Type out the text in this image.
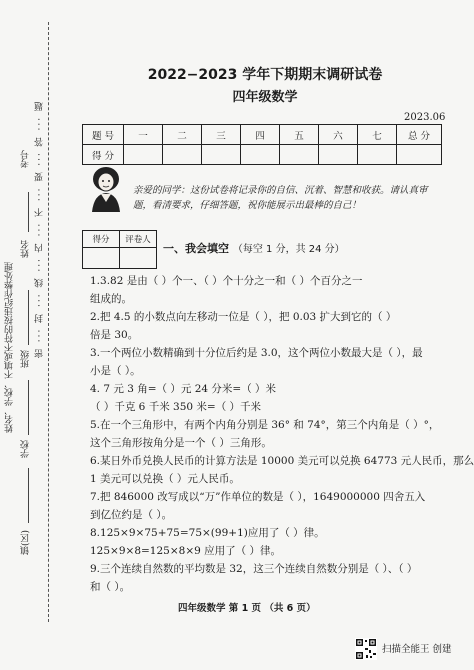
姓名、学校、不填或不符的按违纪作弊处理 密 ··· 封 ··· 线 ··· 内 ··· 不 ··· 要 ··· 答 ··· 题
学校
班级
姓名
考号
镇(区)
2022−2023 学年下期期末调研试卷
四年级数学
2023.06
题 号	一	二	三	四	五	六	七	总 分
得 分								
亲爱的同学：这份试卷将记录你的自信、沉着、智慧和收获。请认真审题，看清要求，仔细答题，祝你能展示出最棒的自己！
得分	评卷人

一、我会填空 （每空 1 分，共 24 分）
1.3.82 是由（ ）个一、（ ）个十分之一和（ ）个百分之一
组成的。
2.把 4.5 的小数点向左移动一位是（ ），把 0.03 扩大到它的（ ）
倍是 30。
3.一个两位小数精确到十分位后约是 3.0，这个两位小数最大是（ ），最
小是（ ）。
4. 7 元 3 角=（ ）元 24 分米=（ ）米
（ ）千克 6 千米 350 米=（ ）千米
5.在一个三角形中，有两个内角分别是 36° 和 74°，第三个内角是（ ）°，
这个三角形按角分是一个（ ）三角形。
6.某日外币兑换人民币的计算方法是 10000 美元可以兑换 64773 元人民币，那么
1 美元可以兑换（ ）元人民币。
7.把 846000 改写成以“万”作单位的数是（ ），1649000000 四舍五入
到亿位约是（ ）。
8.125×9×75+75=75×(99+1)应用了（ ）律。
125×9×8=125×8×9 应用了（ ）律。
9.三个连续自然数的平均数是 32，这三个连续自然数分别是（ ）、（ ）
和（ ）。
四年级数学 第 1 页 （共 6 页）
扫描全能王 创建
